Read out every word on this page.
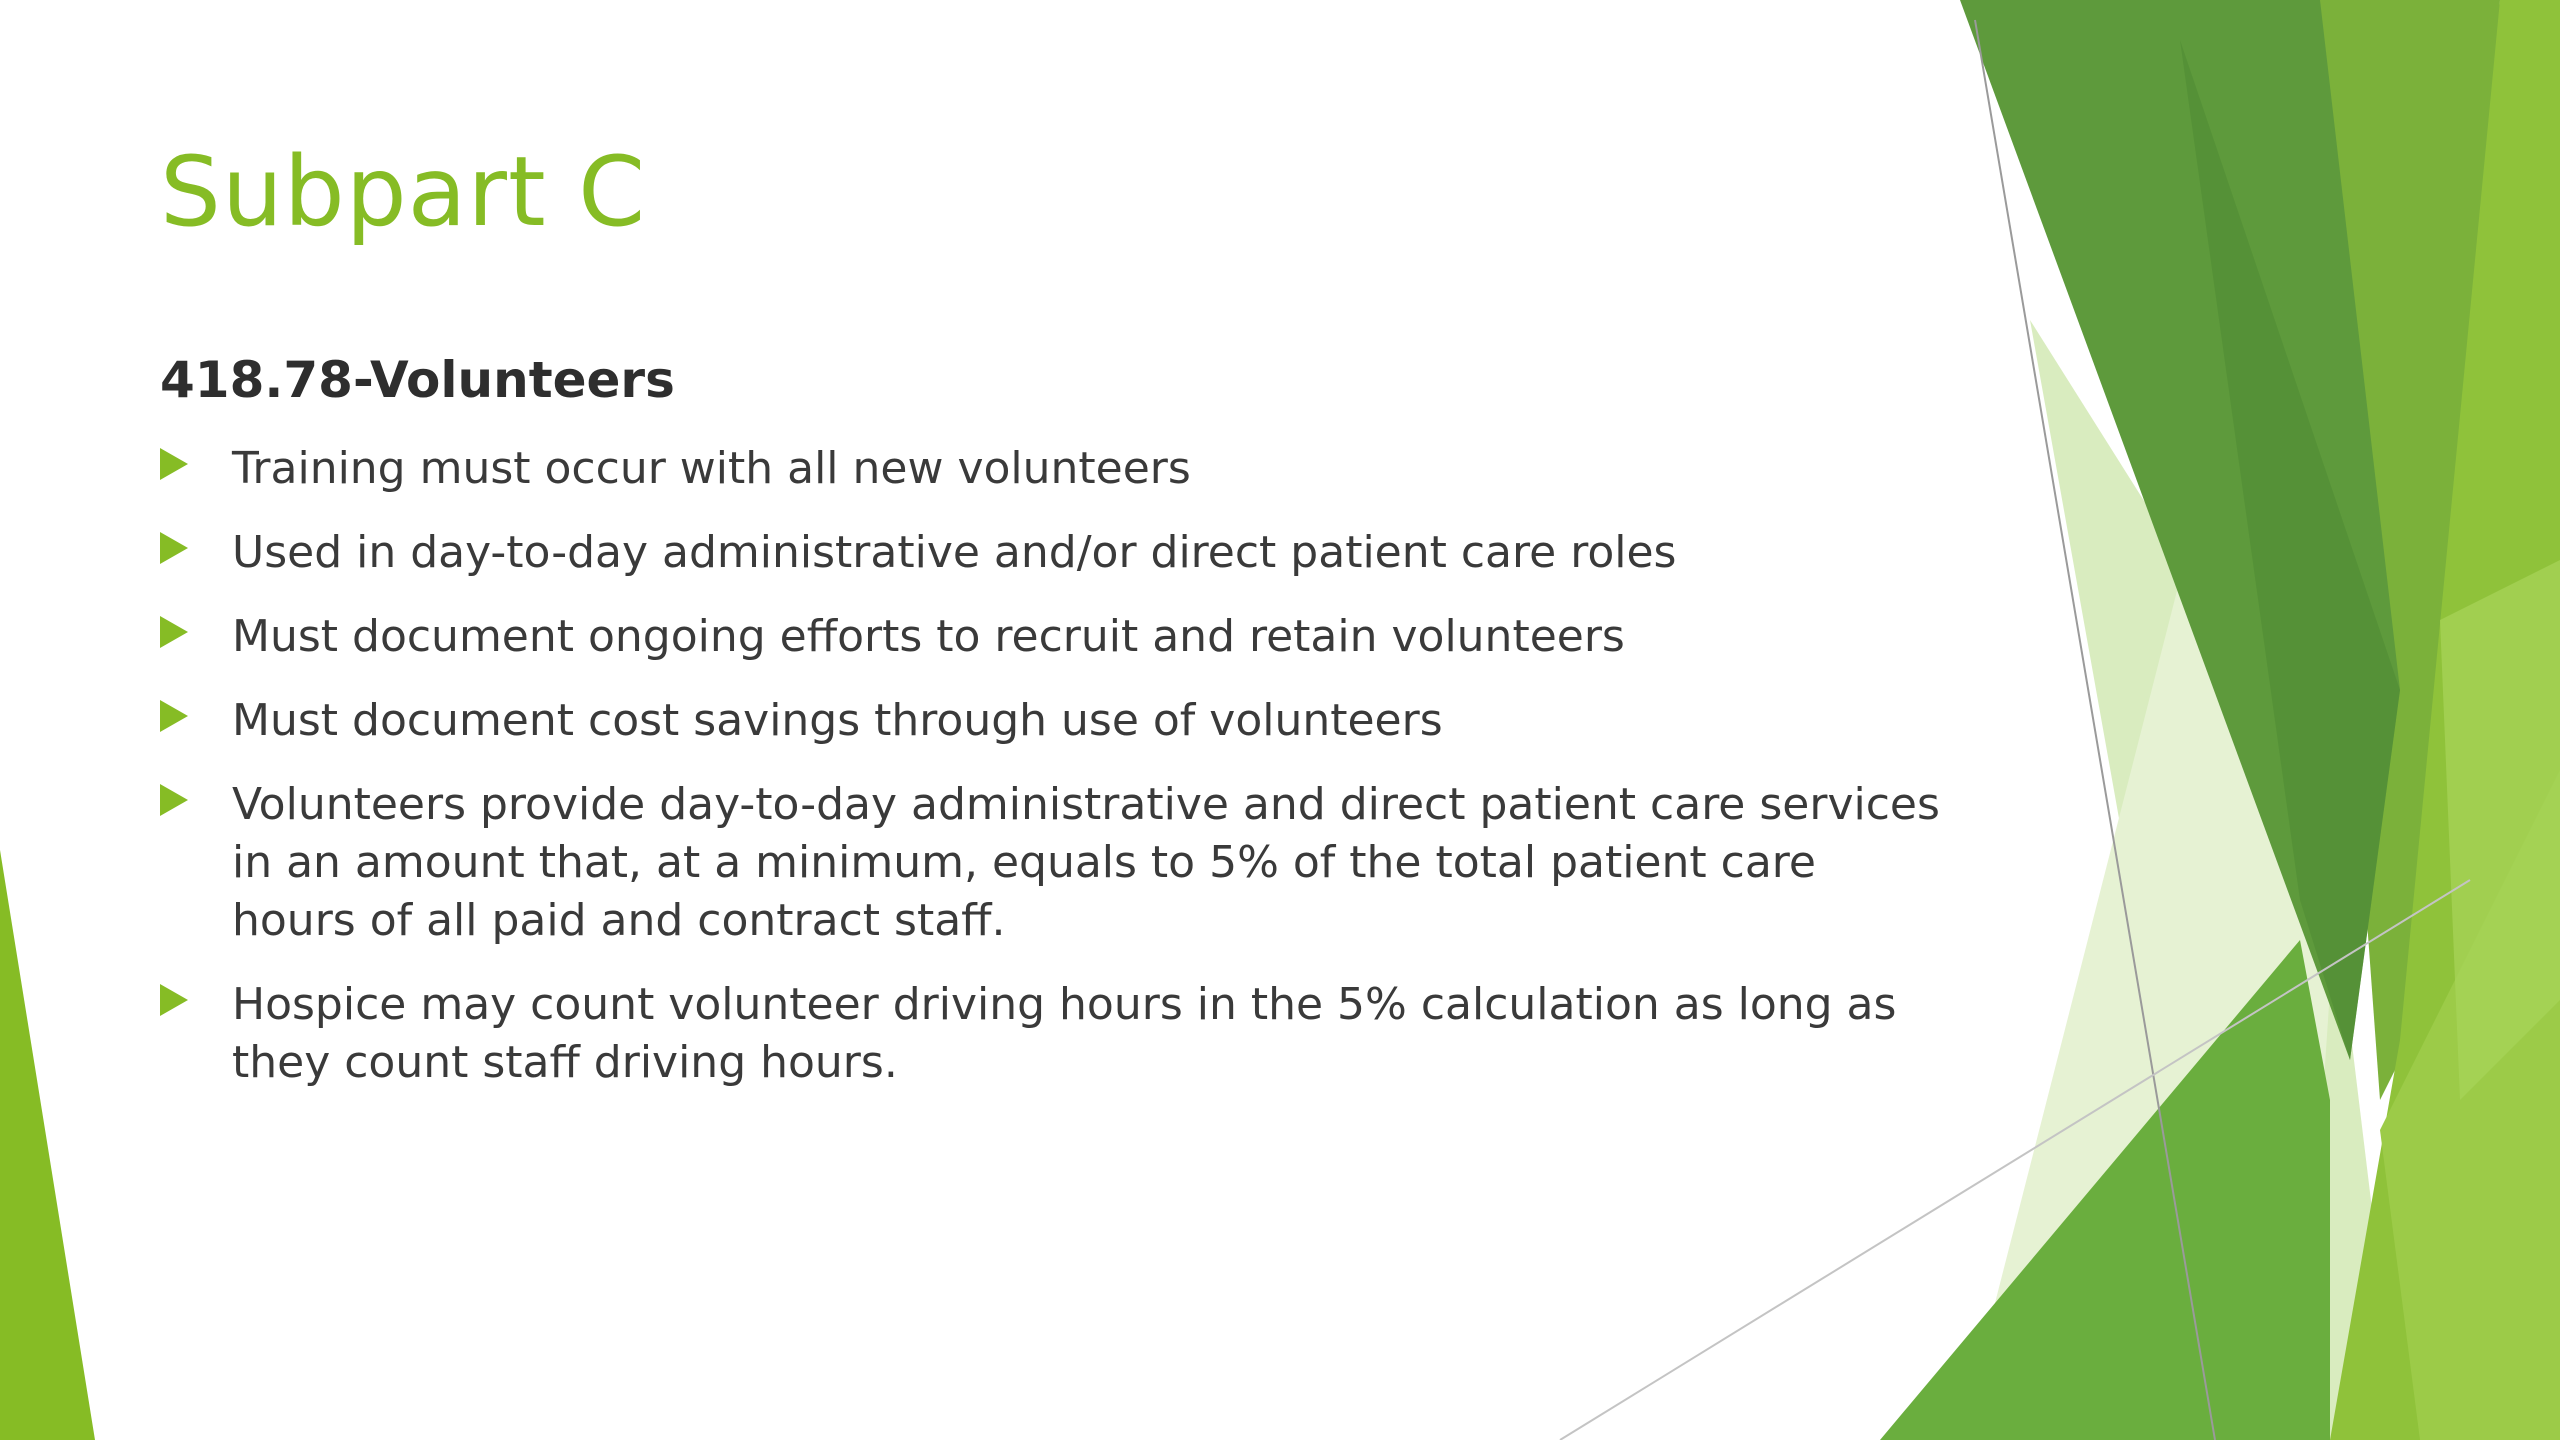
Subpart C
418.78-Volunteers
Training must occur with all new volunteers
Used in day-to-day administrative and/or direct patient care roles
Must document ongoing efforts to recruit and retain volunteers
Must document cost savings through use of volunteers
Volunteers provide day-to-day administrative and direct patient care services in an amount that, at a minimum, equals to 5% of the total patient care hours of all paid and contract staff.
Hospice may count volunteer driving hours in the 5% calculation as long as they count staff driving hours.
